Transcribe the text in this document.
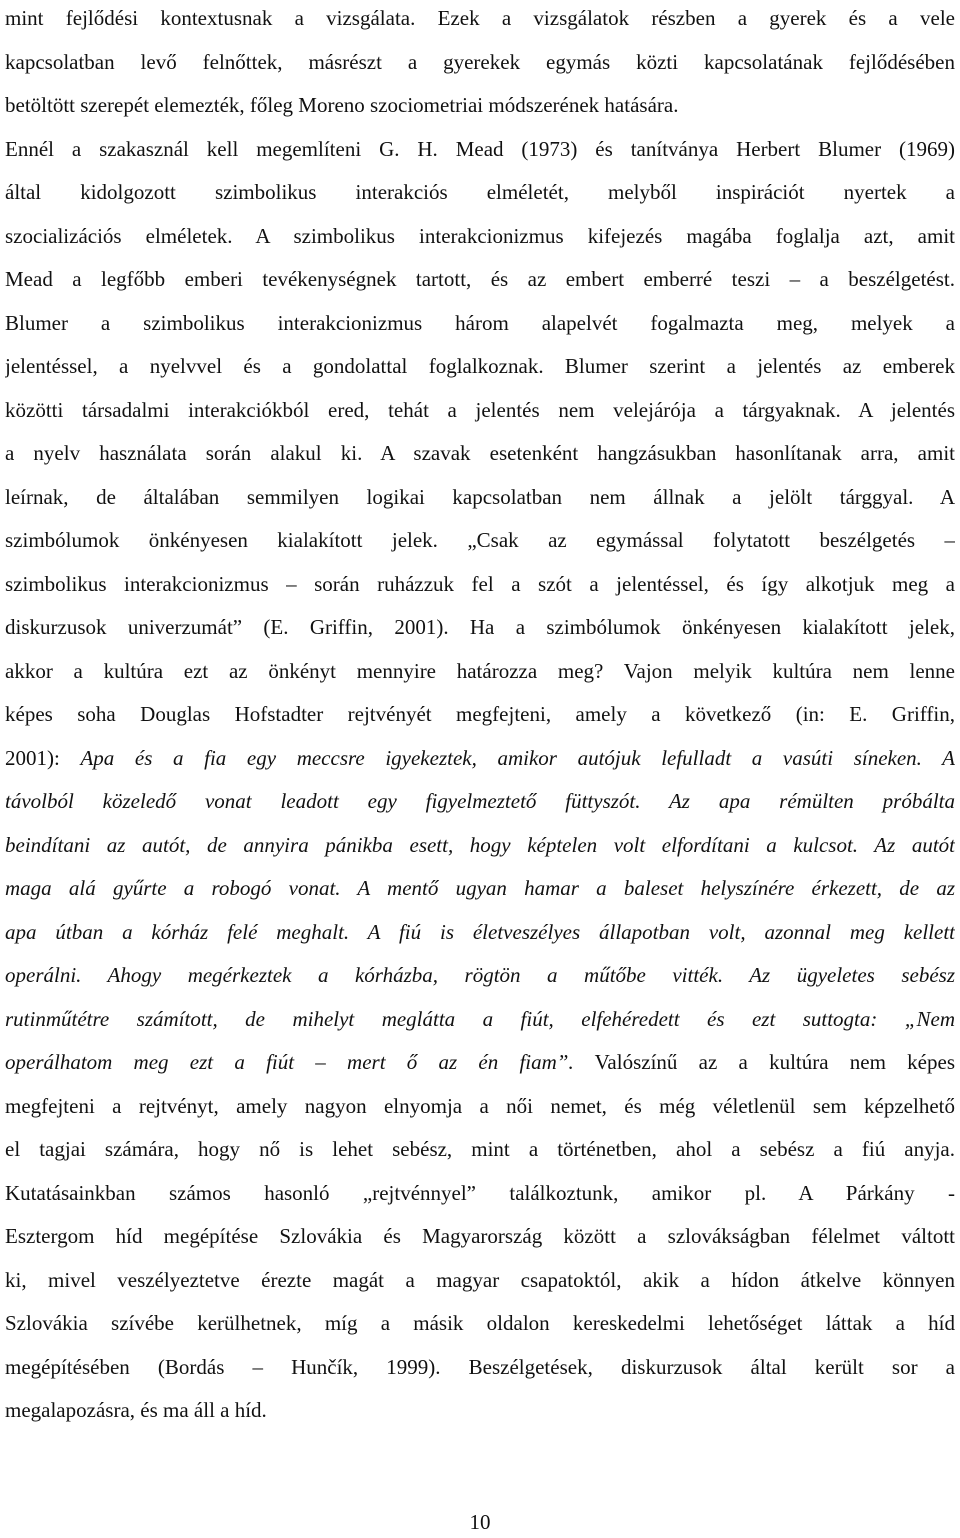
mint fejlődési kontextusnak a vizsgálata. Ezek a vizsgálatok részben a gyerek és a vele
kapcsolatban levő felnőttek, másrészt a gyerekek egymás közti kapcsolatának fejlődésében
betöltött szerepét elemezték, főleg Moreno szociometriai módszerének hatására.
Ennél a szakasznál kell megemlíteni G. H. Mead (1973) és tanítványa Herbert Blumer (1969)
által kidolgozott szimbolikus interakciós elméletét, melyből inspirációt nyertek a
szocializációs elméletek. A szimbolikus interakcionizmus kifejezés magába foglalja azt, amit
Mead a legfőbb emberi tevékenységnek tartott, és az embert emberré teszi – a beszélgetést.
Blumer a szimbolikus interakcionizmus három alapelvét fogalmazta meg, melyek a
jelentéssel, a nyelvvel és a gondolattal foglalkoznak. Blumer szerint a jelentés az emberek
közötti társadalmi interakciókból ered, tehát a jelentés nem velejárója a tárgyaknak. A jelentés
a nyelv használata során alakul ki. A szavak esetenként hangzásukban hasonlítanak arra, amit
leírnak, de általában semmilyen logikai kapcsolatban nem állnak a jelölt tárggyal. A
szimbólumok önkényesen kialakított jelek. „Csak az egymással folytatott beszélgetés –
szimbolikus interakcionizmus – során ruházzuk fel a szót a jelentéssel, és így alkotjuk meg a
diskurzusok univerzumát” (E. Griffin, 2001). Ha a szimbólumok önkényesen kialakított jelek,
akkor a kultúra ezt az önkényt mennyire határozza meg? Vajon melyik kultúra nem lenne
képes soha Douglas Hofstadter rejtvényét megfejteni, amely a következő (in: E. Griffin,
2001): Apa és a fia egy meccsre igyekeztek, amikor autójuk lefulladt a vasúti síneken. A
távolból közeledő vonat leadott egy figyelmeztető füttyszót. Az apa rémülten próbálta
beindítani az autót, de annyira pánikba esett, hogy képtelen volt elfordítani a kulcsot. Az autót
maga alá gyűrte a robogó vonat. A mentő ugyan hamar a baleset helyszínére érkezett, de az
apa útban a kórház felé meghalt. A fiú is életveszélyes állapotban volt, azonnal meg kellett
operálni. Ahogy megérkeztek a kórházba, rögtön a műtőbe vitték. Az ügyeletes sebész
rutinműtétre számított, de mihelyt meglátta a fiút, elfehéredett és ezt suttogta: „Nem
operálhatom meg ezt a fiút – mert ő az én fiam”. Valószínű az a kultúra nem képes
megfejteni a rejtvényt, amely nagyon elnyomja a női nemet, és még véletlenül sem képzelhető
el tagjai számára, hogy nő is lehet sebész, mint a történetben, ahol a sebész a fiú anyja.
Kutatásainkban számos hasonló „rejtvénnyel” találkoztunk, amikor pl. A Párkány -
Esztergom híd megépítése Szlovákia és Magyarország között a szlovákságban félelmet váltott
ki, mivel veszélyeztetve érezte magát a magyar csapatoktól, akik a hídon átkelve könnyen
Szlovákia szívébe kerülhetnek, míg a másik oldalon kereskedelmi lehetőséget láttak a híd
megépítésében (Bordás – Hunčík, 1999). Beszélgetések, diskurzusok által került sor a
megalapozásra, és ma áll a híd.
10
